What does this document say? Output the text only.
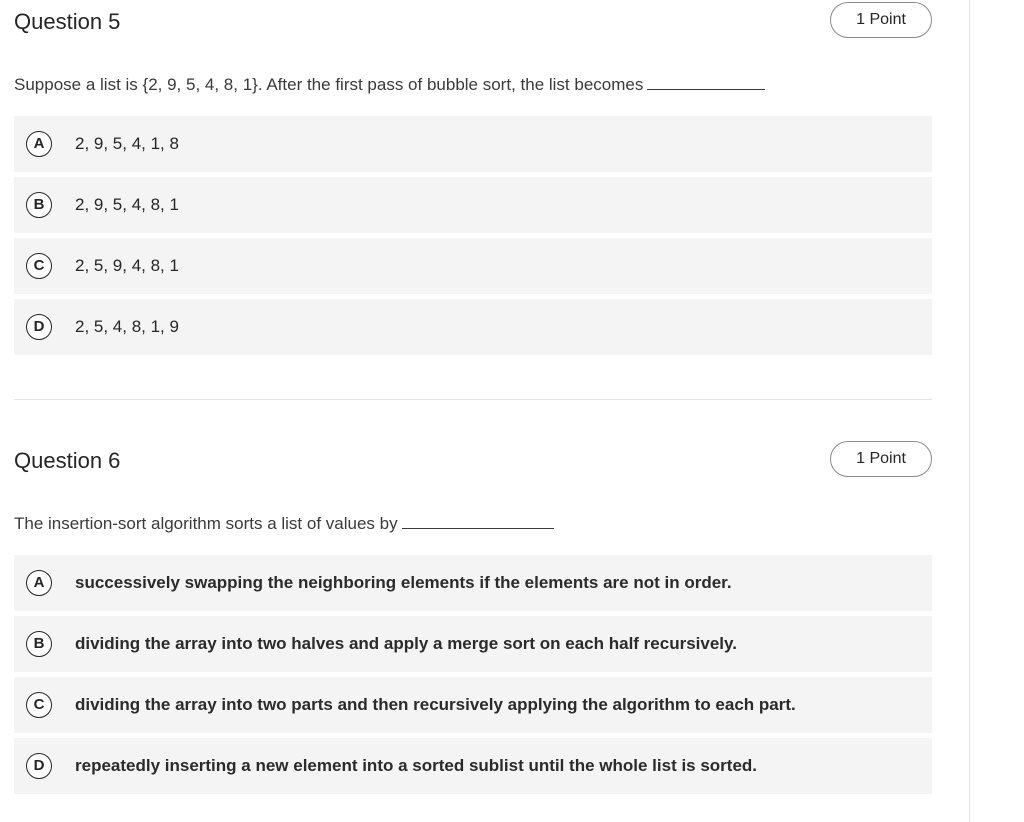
Question 5	1 Point
Suppose a list is {2, 9, 5, 4, 8, 1}. After the first pass of bubble sort, the list becomes
A	2, 9, 5, 4, 1, 8
B	2, 9, 5, 4, 8, 1
C	2, 5, 9, 4, 8, 1
D	2, 5, 4, 8, 1, 9
Question 6	1 Point
The insertion-sort algorithm sorts a list of values by
A	successively swapping the neighboring elements if the elements are not in order.
B	dividing the array into two halves and apply a merge sort on each half recursively.
C	dividing the array into two parts and then recursively applying the algorithm to each part.
D	repeatedly inserting a new element into a sorted sublist until the whole list is sorted.
